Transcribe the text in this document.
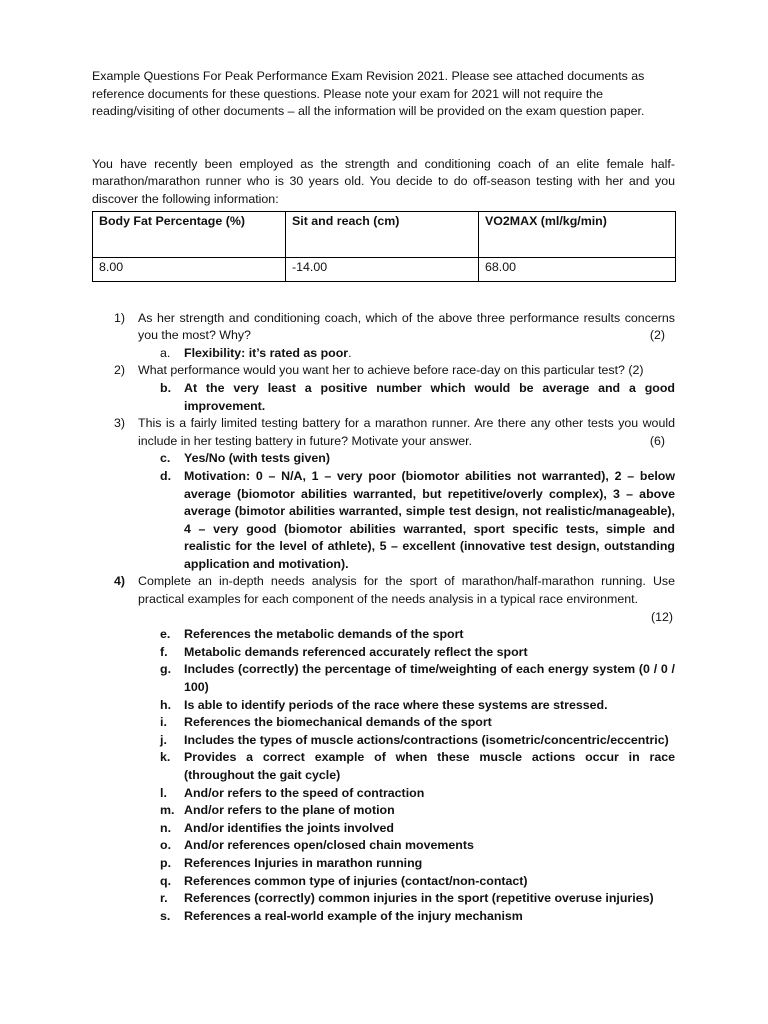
Example Questions For Peak Performance Exam Revision 2021. Please see attached documents as reference documents for these questions. Please note your exam for 2021 will not require the reading/visiting of other documents – all the information will be provided on the exam question paper.

You have recently been employed as the strength and conditioning coach of an elite female half-marathon/marathon runner who is 30 years old. You decide to do off-season testing with her and you discover the following information:

Body Fat Percentage (%)	Sit and reach (cm)	VO2MAX (ml/kg/min)
8.00	-14.00	68.00
1) As her strength and conditioning coach, which of the above three performance results concerns you the most? Why?	(2)
a. Flexibility: it’s rated as poor.
2) What performance would you want her to achieve before race-day on this particular test? (2)
b. At the very least a positive number which would be average and a good improvement.
3) This is a fairly limited testing battery for a marathon runner. Are there any other tests you would include in her testing battery in future? Motivate your answer.	(6)
c. Yes/No (with tests given)
d. Motivation: 0 – N/A, 1 – very poor (biomotor abilities not warranted), 2 – below average (biomotor abilities warranted, but repetitive/overly complex), 3 – above average (bimotor abilities warranted, simple test design, not realistic/manageable), 4 – very good (biomotor abilities warranted, sport specific tests, simple and realistic for the level of athlete), 5 – excellent (innovative test design, outstanding application and motivation).
4) Complete an in-depth needs analysis for the sport of marathon/half-marathon running. Use practical examples for each component of the needs analysis in a typical race environment.
(12)
e. References the metabolic demands of the sport
f. Metabolic demands referenced accurately reflect the sport
g. Includes (correctly) the percentage of time/weighting of each energy system (0 / 0 / 100)
h. Is able to identify periods of the race where these systems are stressed.
i. References the biomechanical demands of the sport
j. Includes the types of muscle actions/contractions (isometric/concentric/eccentric)
k. Provides a correct example of when these muscle actions occur in race (throughout the gait cycle)
l. And/or refers to the speed of contraction
m. And/or refers to the plane of motion
n. And/or identifies the joints involved
o. And/or references open/closed chain movements
p. References Injuries in marathon running
q. References common type of injuries (contact/non-contact)
r. References (correctly) common injuries in the sport (repetitive overuse injuries)
s. References a real-world example of the injury mechanism
